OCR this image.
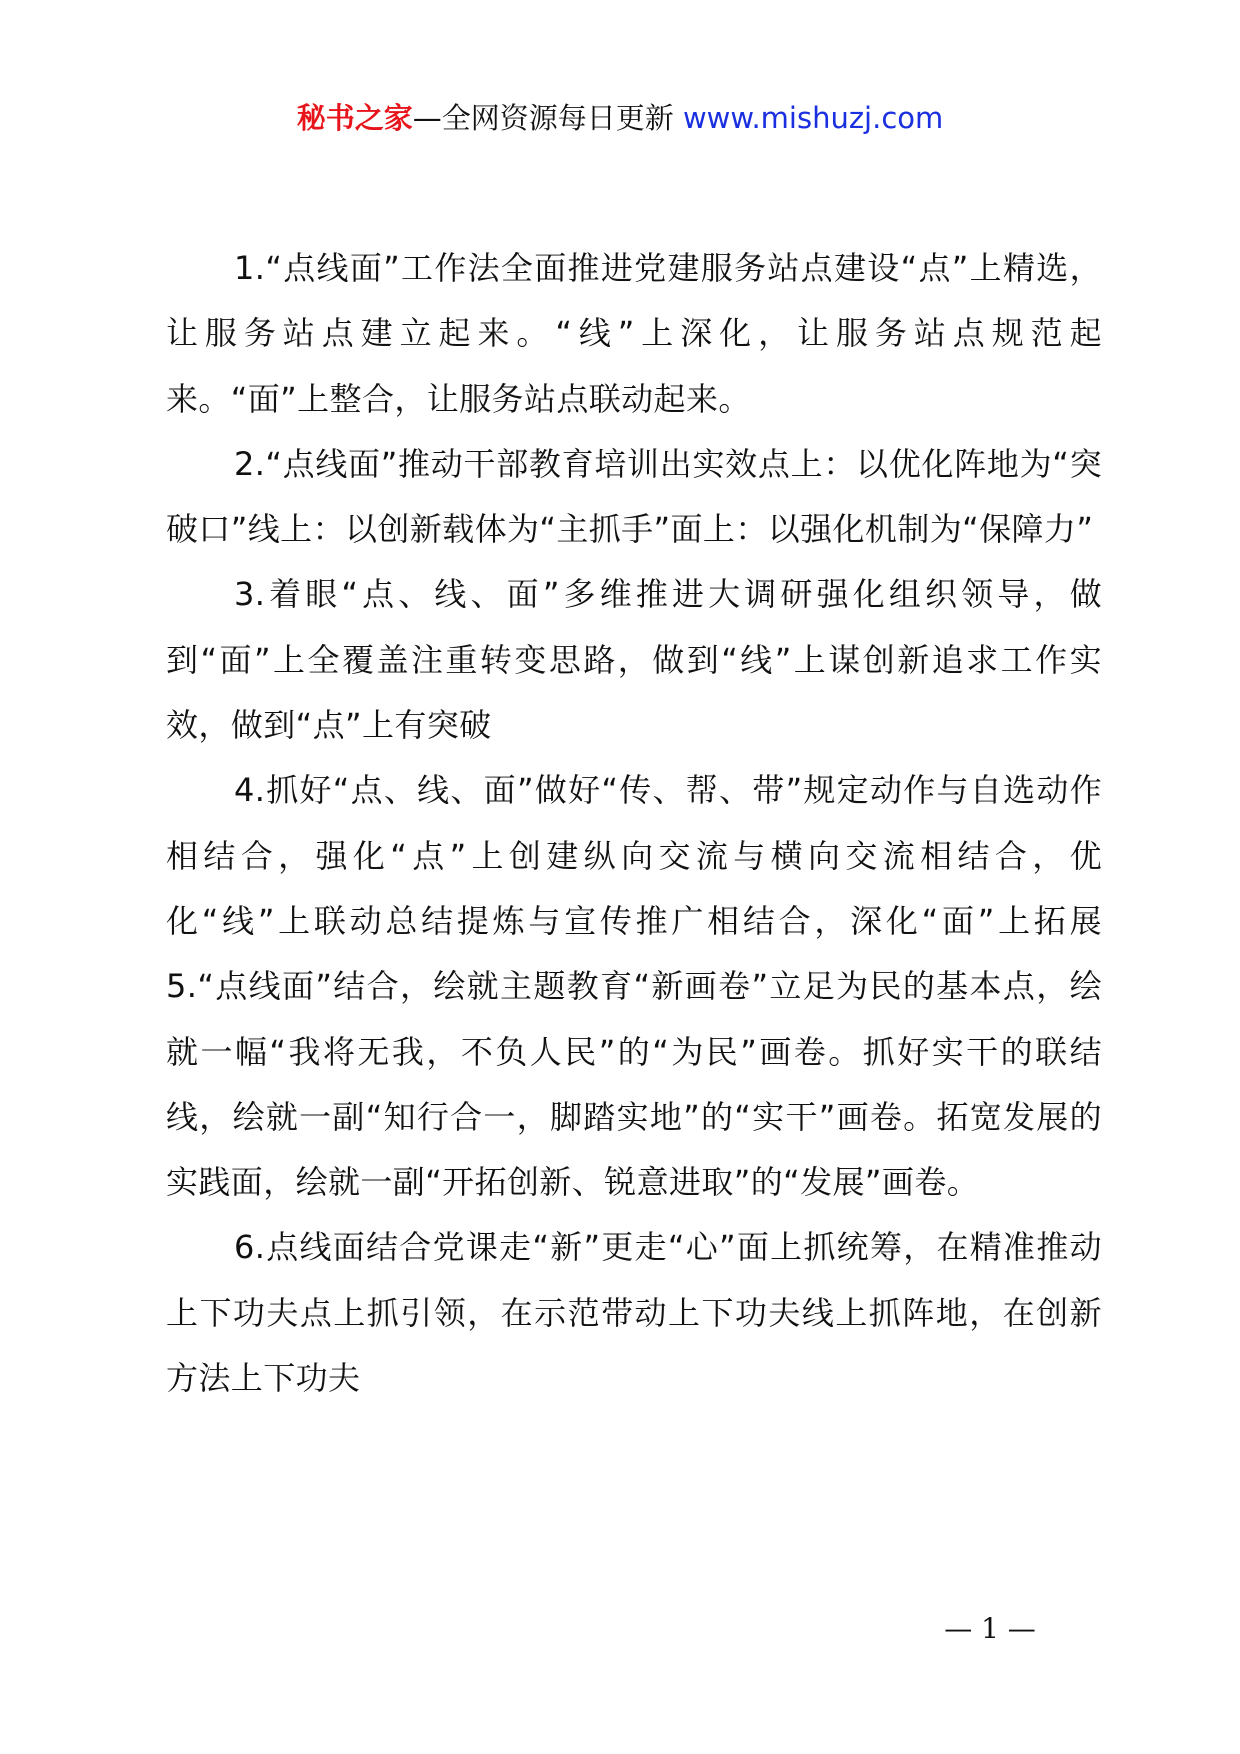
秘书之家—全网资源每日更新 www.mishuzj.com

1.“点线面”工作法全面推进党建服务站点建设“点”上精选，让服务站点建立起来。“线”上深化，让服务站点规范起来。“面”上整合，让服务站点联动起来。

2.“点线面”推动干部教育培训出实效点上：以优化阵地为“突破口”线上：以创新载体为“主抓手”面上：以强化机制为“保障力”

3.着眼“点、线、面”多维推进大调研强化组织领导，做到“面”上全覆盖注重转变思路，做到“线”上谋创新追求工作实效，做到“点”上有突破

4.抓好“点、线、面”做好“传、帮、带”规定动作与自选动作相结合，强化“点”上创建纵向交流与横向交流相结合，优化“线”上联动总结提炼与宣传推广相结合，深化“面”上拓展 5.“点线面”结合，绘就主题教育“新画卷”立足为民的基本点，绘就一幅“我将无我，不负人民”的“为民”画卷。抓好实干的联结线，绘就一副“知行合一，脚踏实地”的“实干”画卷。拓宽发展的实践面，绘就一副“开拓创新、锐意进取”的“发展”画卷。

6.点线面结合党课走“新”更走“心”面上抓统筹，在精准推动上下功夫点上抓引领，在示范带动上下功夫线上抓阵地，在创新方法上下功夫

— 1 —
